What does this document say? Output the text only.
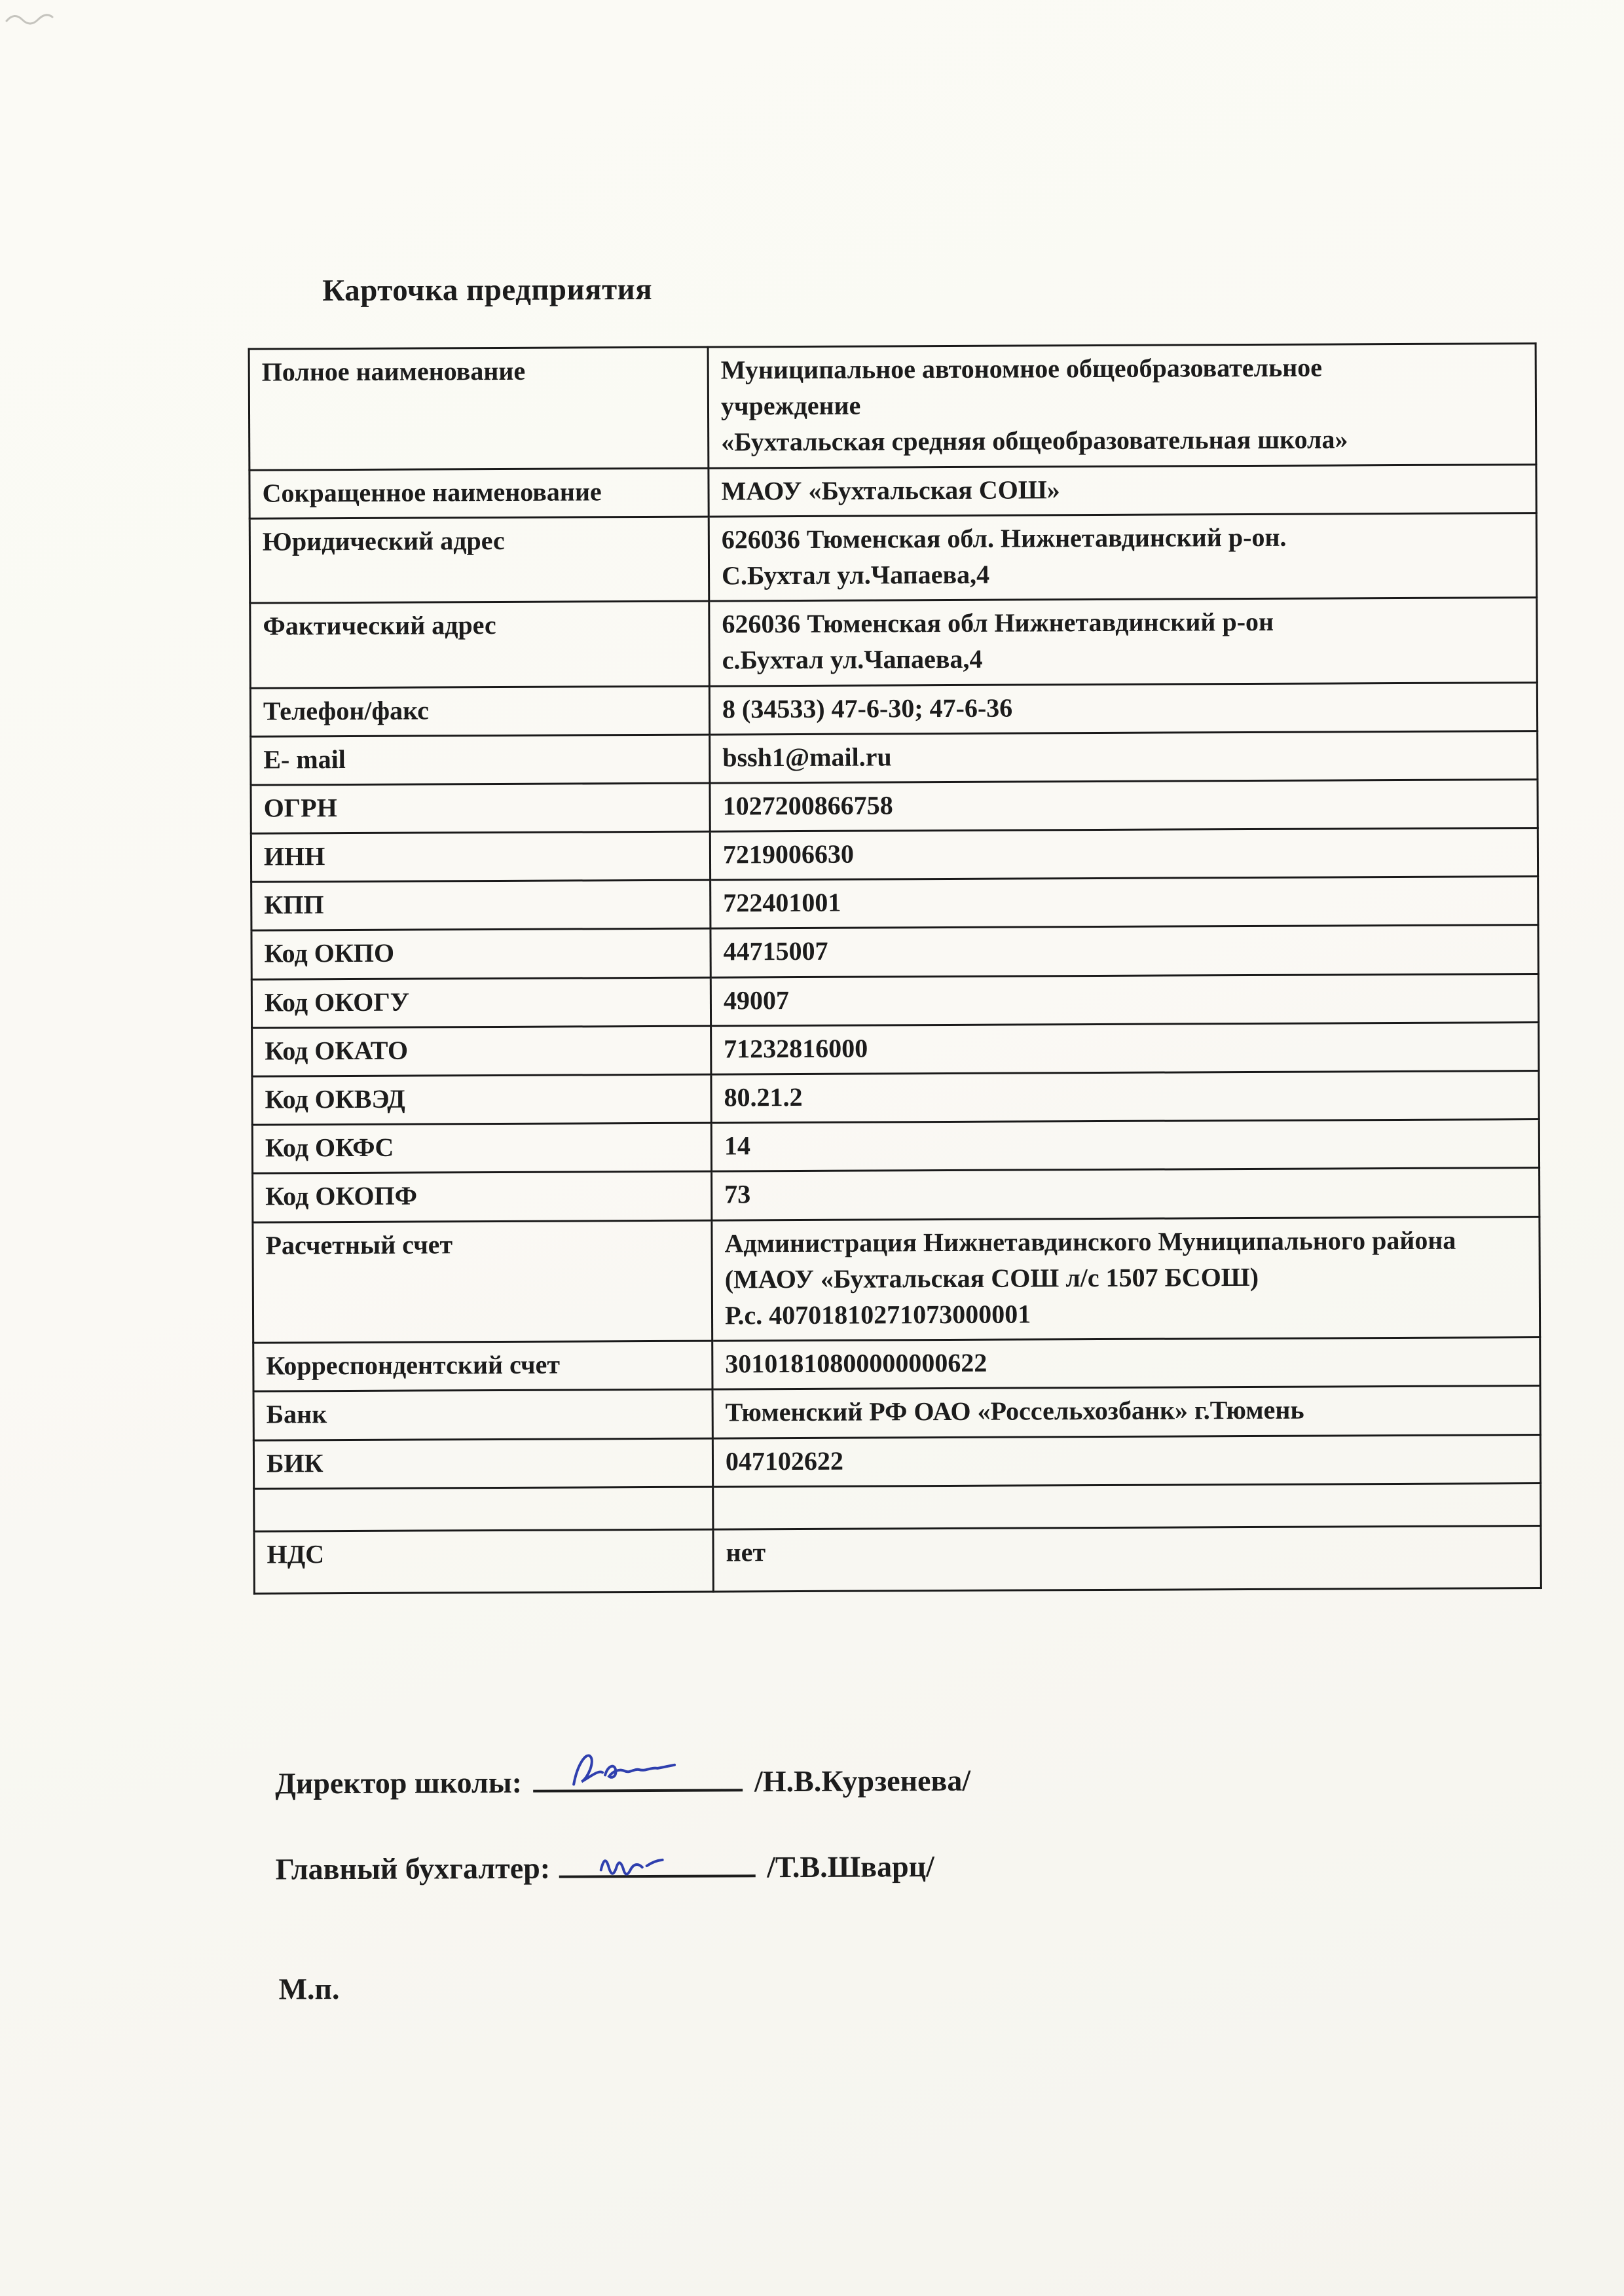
Карточка предприятия
Полное наименование	Муниципальное автономное общеобразовательное
учреждение
«Бухтальская средняя общеобразовательная школа»
Сокращенное наименование	МАОУ «Бухтальская СОШ»
Юридический адрес	626036 Тюменская обл. Нижнетавдинский р-он.
С.Бухтал ул.Чапаева,4
Фактический адрес	626036 Тюменская обл Нижнетавдинский р-он
с.Бухтал ул.Чапаева,4
Телефон/факс	8 (34533) 47-6-30; 47-6-36
E- mail	bssh1@mail.ru
ОГРН	1027200866758
ИНН	7219006630
КПП	722401001
Код ОКПО	44715007
Код ОКОГУ	49007
Код ОКАТО	71232816000
Код ОКВЭД	80.21.2
Код ОКФС	14
Код ОКОПФ	73
Расчетный счет	Администрация Нижнетавдинского Муниципального района (МАОУ «Бухтальская СОШ л/с 1507 БСОШ)
Р.с. 40701810271073000001
Корреспондентский счет	30101810800000000622
Банк	Тюменский РФ ОАО «Россельхозбанк» г.Тюмень
БИК	047102622

НДС	нет
Директор школы:	/Н.В.Курзенева/
Главный бухгалтер:	/Т.В.Шварц/
М.п.
